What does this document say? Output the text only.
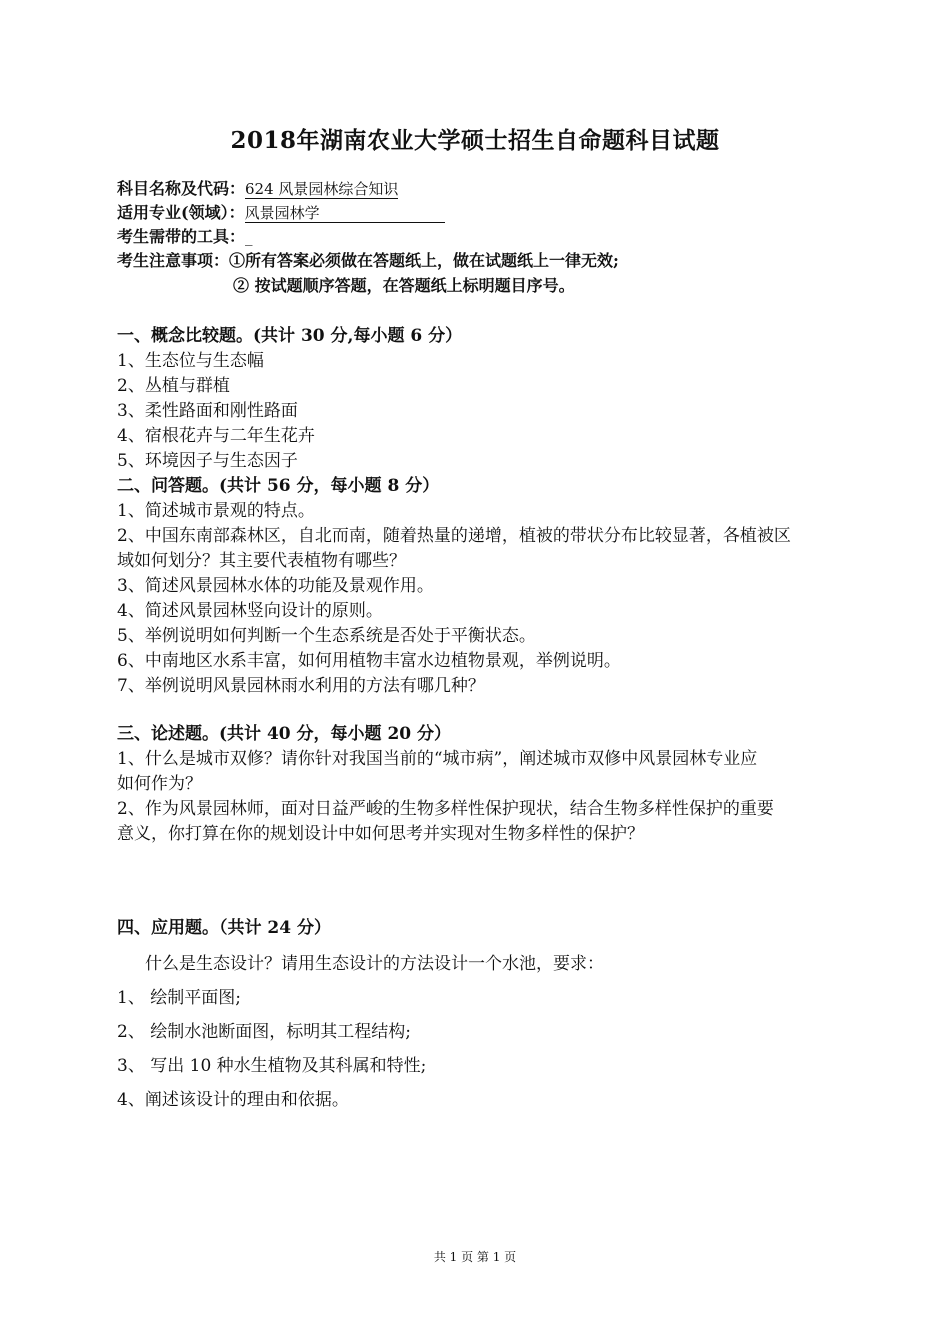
2018年湖南农业大学硕士招生自命题科目试题
科目名称及代码：624 风景园林综合知识
适用专业(领域）：风景园林学
考生需带的工具：_
考生注意事项：①所有答案必须做在答题纸上，做在试题纸上一律无效;
② 按试题顺序答题，在答题纸上标明题目序号。
一、概念比较题。(共计 30 分,每小题 6 分）
1、生态位与生态幅
2、丛植与群植
3、柔性路面和刚性路面
4、宿根花卉与二年生花卉
5、环境因子与生态因子
二、问答题。(共计 56 分，每小题 8 分）
1、简述城市景观的特点。
2、中国东南部森林区，自北而南，随着热量的递增，植被的带状分布比较显著，各植被区
域如何划分？其主要代表植物有哪些？
3、简述风景园林水体的功能及景观作用。
4、简述风景园林竖向设计的原则。
5、举例说明如何判断一个生态系统是否处于平衡状态。
6、中南地区水系丰富，如何用植物丰富水边植物景观，举例说明。
7、举例说明风景园林雨水利用的方法有哪几种？
三、论述题。(共计 40 分，每小题 20 分）
1、什么是城市双修？请你针对我国当前的“城市病”，阐述城市双修中风景园林专业应
如何作为？
2、作为风景园林师，面对日益严峻的生物多样性保护现状，结合生物多样性保护的重要
意义，你打算在你的规划设计中如何思考并实现对生物多样性的保护？
四、应用题。（共计 24 分）
什么是生态设计？请用生态设计的方法设计一个水池，要求：
1、 绘制平面图;
2、 绘制水池断面图，标明其工程结构;
3、 写出 10 种水生植物及其科属和特性;
4、阐述该设计的理由和依据。
共 1 页 第 1 页
